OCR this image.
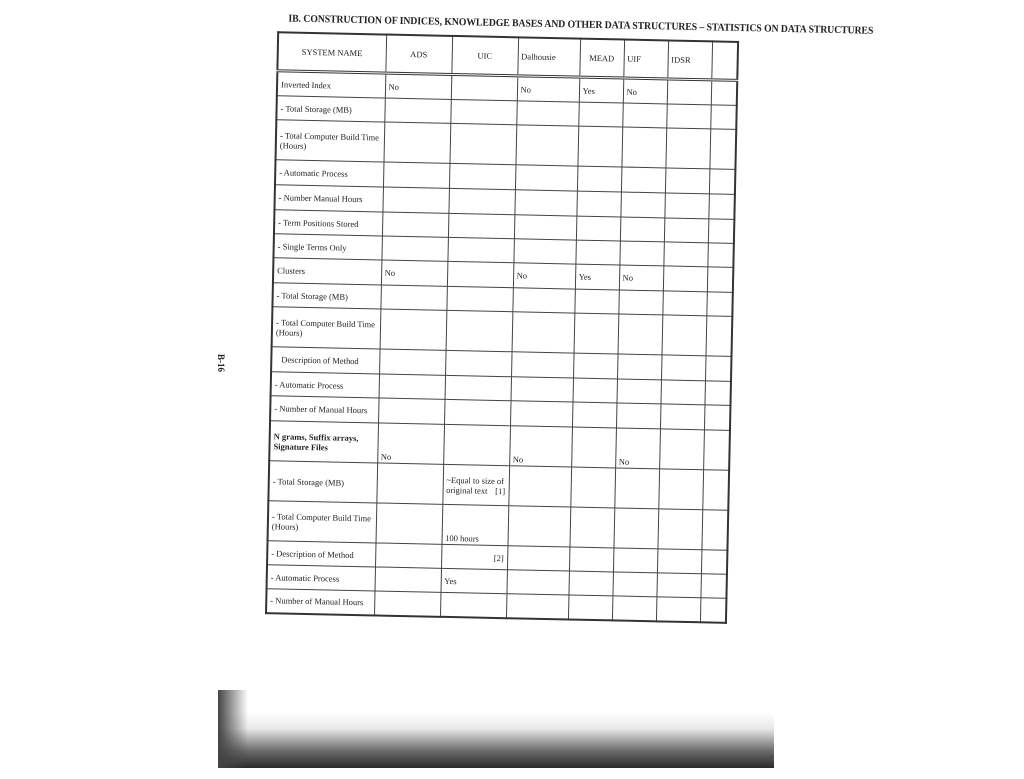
IB. CONSTRUCTION OF INDICES, KNOWLEDGE BASES AND OTHER DATA STRUCTURES – STATISTICS ON DATA STRUCTURES
SYSTEM NAME	ADS	UIC	Dalhousie	MEAD	UIF	IDSR	
Inverted Index	No		No	Yes	No		
- Total Storage (MB)							
- Total Computer Build Time (Hours)							
- Automatic Process							
- Number Manual Hours							
- Term Positions Stored							
- Single Terms Only							
Clusters	No		No	Yes	No		
- Total Storage (MB)							
- Total Computer Build Time (Hours)							
Description of Method							
- Automatic Process							
- Number of Manual Hours							
N grams, Suffix arrays, Signature Files	No		No		No		
- Total Storage (MB)		~Equal to size of original text [1]					

- Total Computer Build Time (Hours)		100 hours					
- Description of Method		[2]					
- Automatic Process		Yes					
- Number of Manual Hours							
B-16
-
